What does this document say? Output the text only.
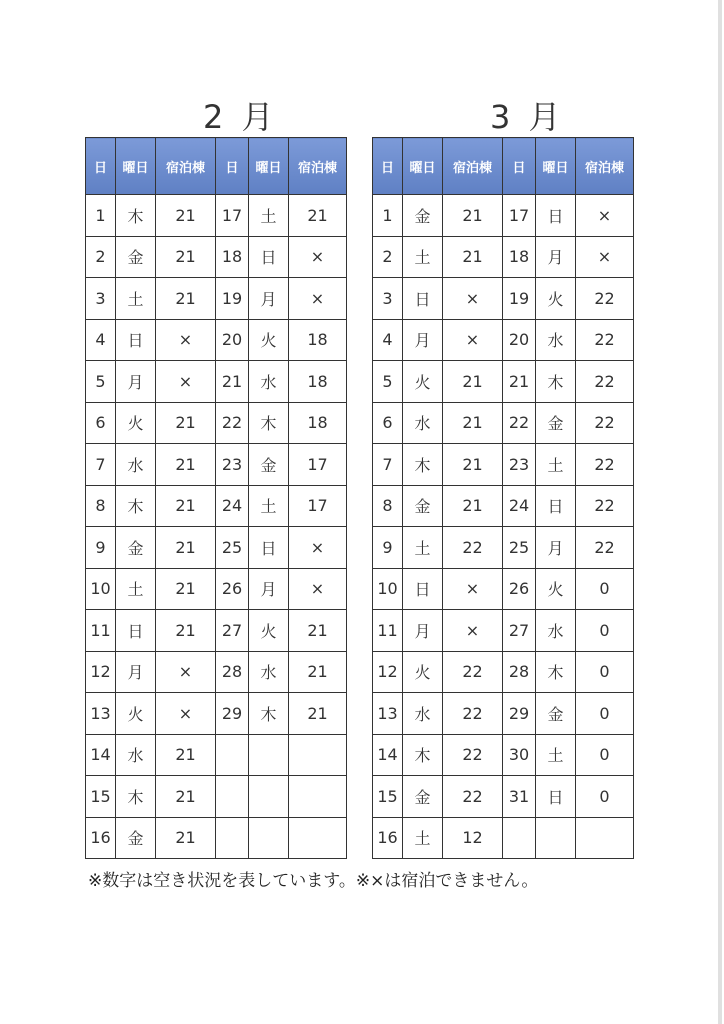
2 月	3 月
日	曜日	宿泊棟	日	曜日	宿泊棟
1	木	21	17	土	21
2	金	21	18	日	×
3	土	21	19	月	×
4	日	×	20	火	18
5	月	×	21	水	18
6	火	21	22	木	18
7	水	21	23	金	17
8	木	21	24	土	17
9	金	21	25	日	×
10	土	21	26	月	×
11	日	21	27	火	21
12	月	×	28	水	21
13	火	×	29	木	21
14	水	21			
15	木	21			
16	金	21			
日	曜日	宿泊棟	日	曜日	宿泊棟
1	金	21	17	日	×
2	土	21	18	月	×
3	日	×	19	火	22
4	月	×	20	水	22
5	火	21	21	木	22
6	水	21	22	金	22
7	木	21	23	土	22
8	金	21	24	日	22
9	土	22	25	月	22
10	日	×	26	火	0
11	月	×	27	水	0
12	火	22	28	木	0
13	水	22	29	金	0
14	木	22	30	土	0
15	金	22	31	日	0
16	土	12			
※数字は空き状況を表しています。※×は宿泊できません。
